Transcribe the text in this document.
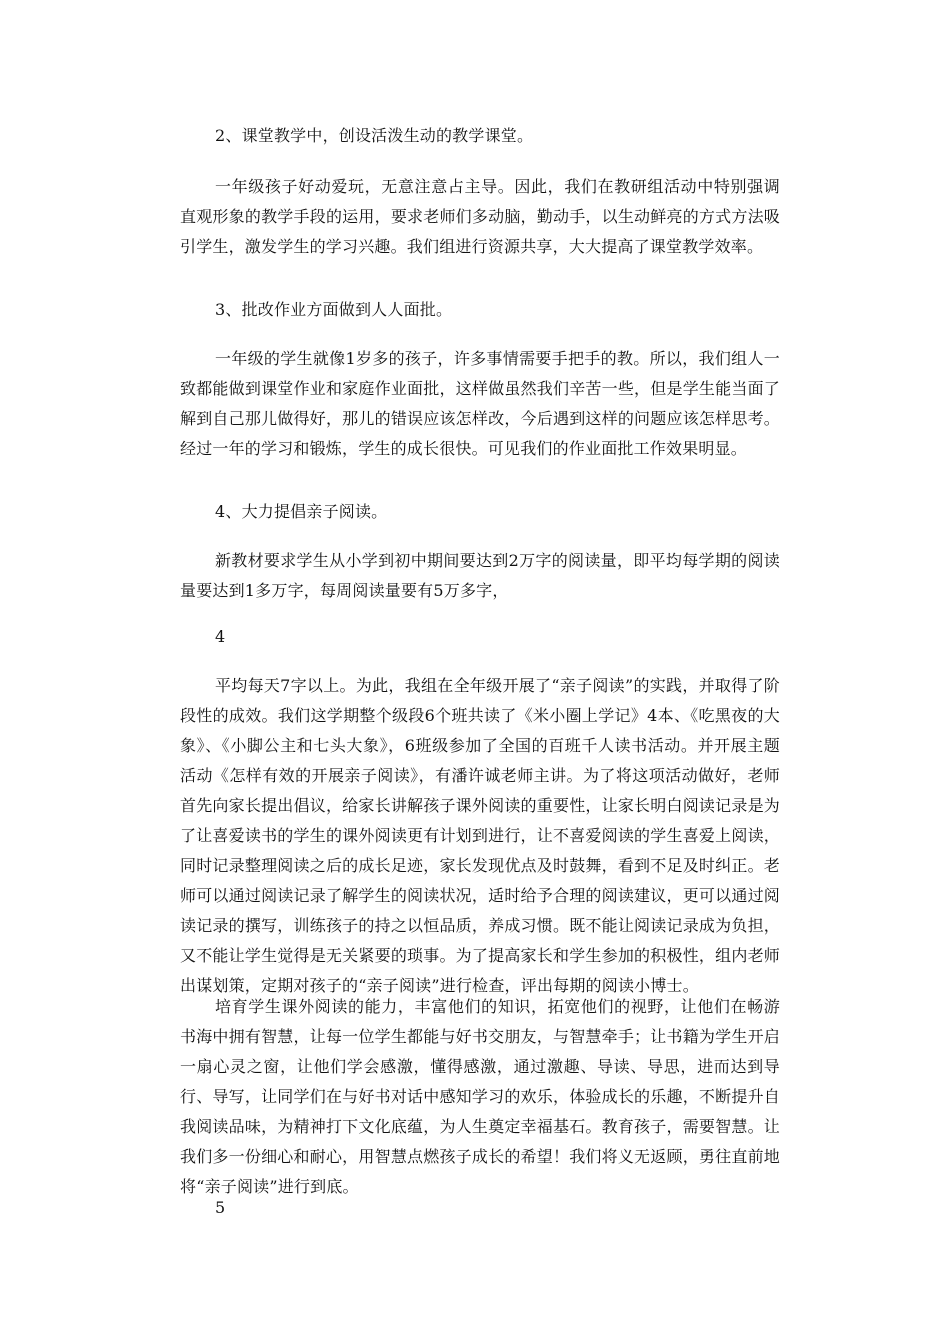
2、课堂教学中，创设活泼生动的教学课堂。

一年级孩子好动爱玩，无意注意占主导。因此，我们在教研组活动中特别强调直观形象的教学手段的运用，要求老师们多动脑，勤动手，以生动鲜亮的方式方法吸引学生，激发学生的学习兴趣。我们组进行资源共享，大大提高了课堂教学效率。

3、批改作业方面做到人人面批。

一年级的学生就像1岁多的孩子，许多事情需要手把手的教。所以，我们组人一致都能做到课堂作业和家庭作业面批，这样做虽然我们辛苦一些，但是学生能当面了解到自己那儿做得好，那儿的错误应该怎样改，今后遇到这样的问题应该怎样思考。经过一年的学习和锻炼，学生的成长很快。可见我们的作业面批工作效果明显。

4、大力提倡亲子阅读。

新教材要求学生从小学到初中期间要达到2万字的阅读量，即平均每学期的阅读量要达到1多万字，每周阅读量要有5万多字，

4

平均每天7字以上。为此，我组在全年级开展了“亲子阅读”的实践，并取得了阶段性的成效。我们这学期整个级段6个班共读了《米小圈上学记》4本、《吃黑夜的大象》、《小脚公主和七头大象》，6班级参加了全国的百班千人读书活动。并开展主题活动《怎样有效的开展亲子阅读》，有潘许诚老师主讲。为了将这项活动做好，老师首先向家长提出倡议，给家长讲解孩子课外阅读的重要性，让家长明白阅读记录是为了让喜爱读书的学生的课外阅读更有计划到进行，让不喜爱阅读的学生喜爱上阅读，同时记录整理阅读之后的成长足迹，家长发现优点及时鼓舞，看到不足及时纠正。老师可以通过阅读记录了解学生的阅读状况，适时给予合理的阅读建议，更可以通过阅读记录的撰写，训练孩子的持之以恒品质，养成习惯。既不能让阅读记录成为负担，又不能让学生觉得是无关紧要的琐事。为了提高家长和学生参加的积极性，组内老师出谋划策，定期对孩子的“亲子阅读”进行检查，评出每期的阅读小博士。

培育学生课外阅读的能力，丰富他们的知识，拓宽他们的视野，让他们在畅游书海中拥有智慧，让每一位学生都能与好书交朋友，与智慧牵手；让书籍为学生开启一扇心灵之窗，让他们学会感激，懂得感激，通过激趣、导读、导思，进而达到导行、导写，让同学们在与好书对话中感知学习的欢乐，体验成长的乐趣，不断提升自我阅读品味，为精神打下文化底蕴，为人生奠定幸福基石。教育孩子，需要智慧。让我们多一份细心和耐心，用智慧点燃孩子成长的希望！我们将义无返顾，勇往直前地将“亲子阅读”进行到底。

5
